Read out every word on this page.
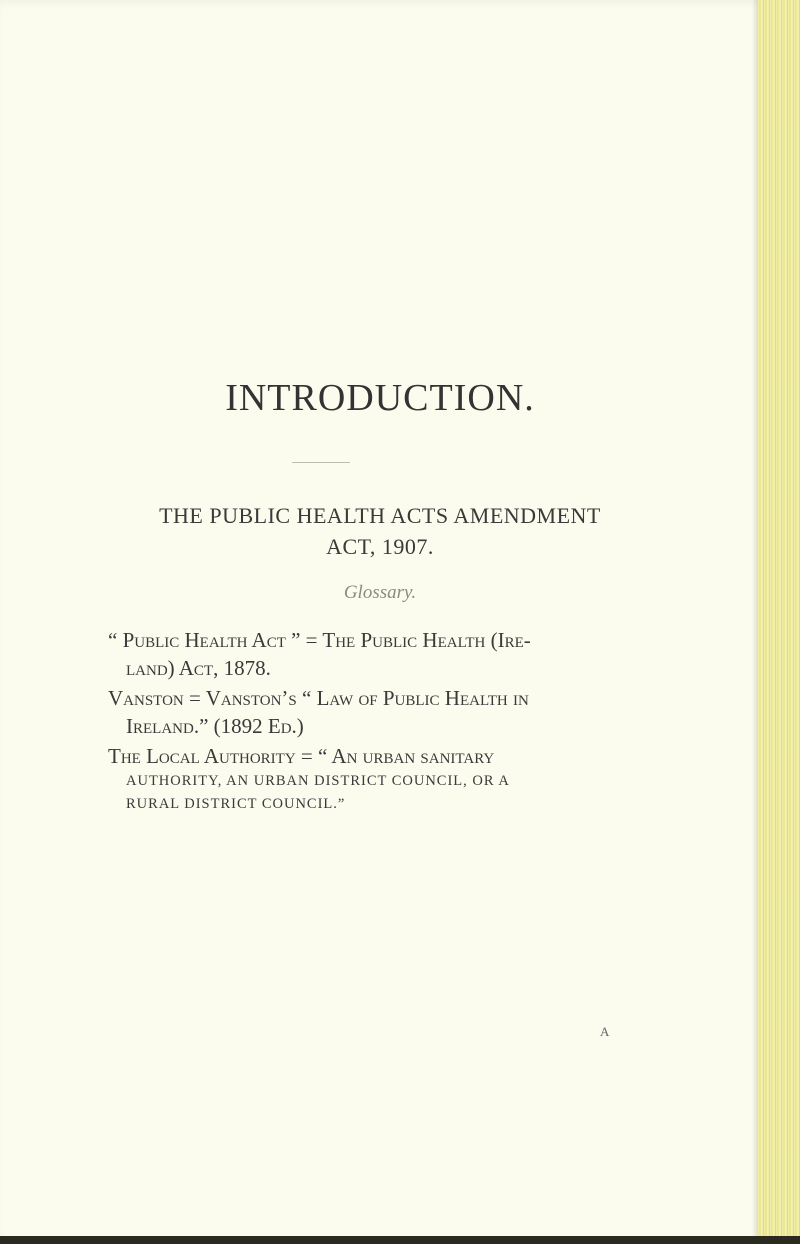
INTRODUCTION.
THE PUBLIC HEALTH ACTS AMENDMENT
ACT, 1907.
Glossary.
“ Public Health Act ” = The Public Health (Ire-
land) Act, 1878.
Vanston = Vanston’s “ Law of Public Health in
Ireland.” (1892 Ed.)
The Local Authority = “ An urban sanitary
AUTHORITY, AN URBAN DISTRICT COUNCIL, OR A
RURAL DISTRICT COUNCIL.”
A
